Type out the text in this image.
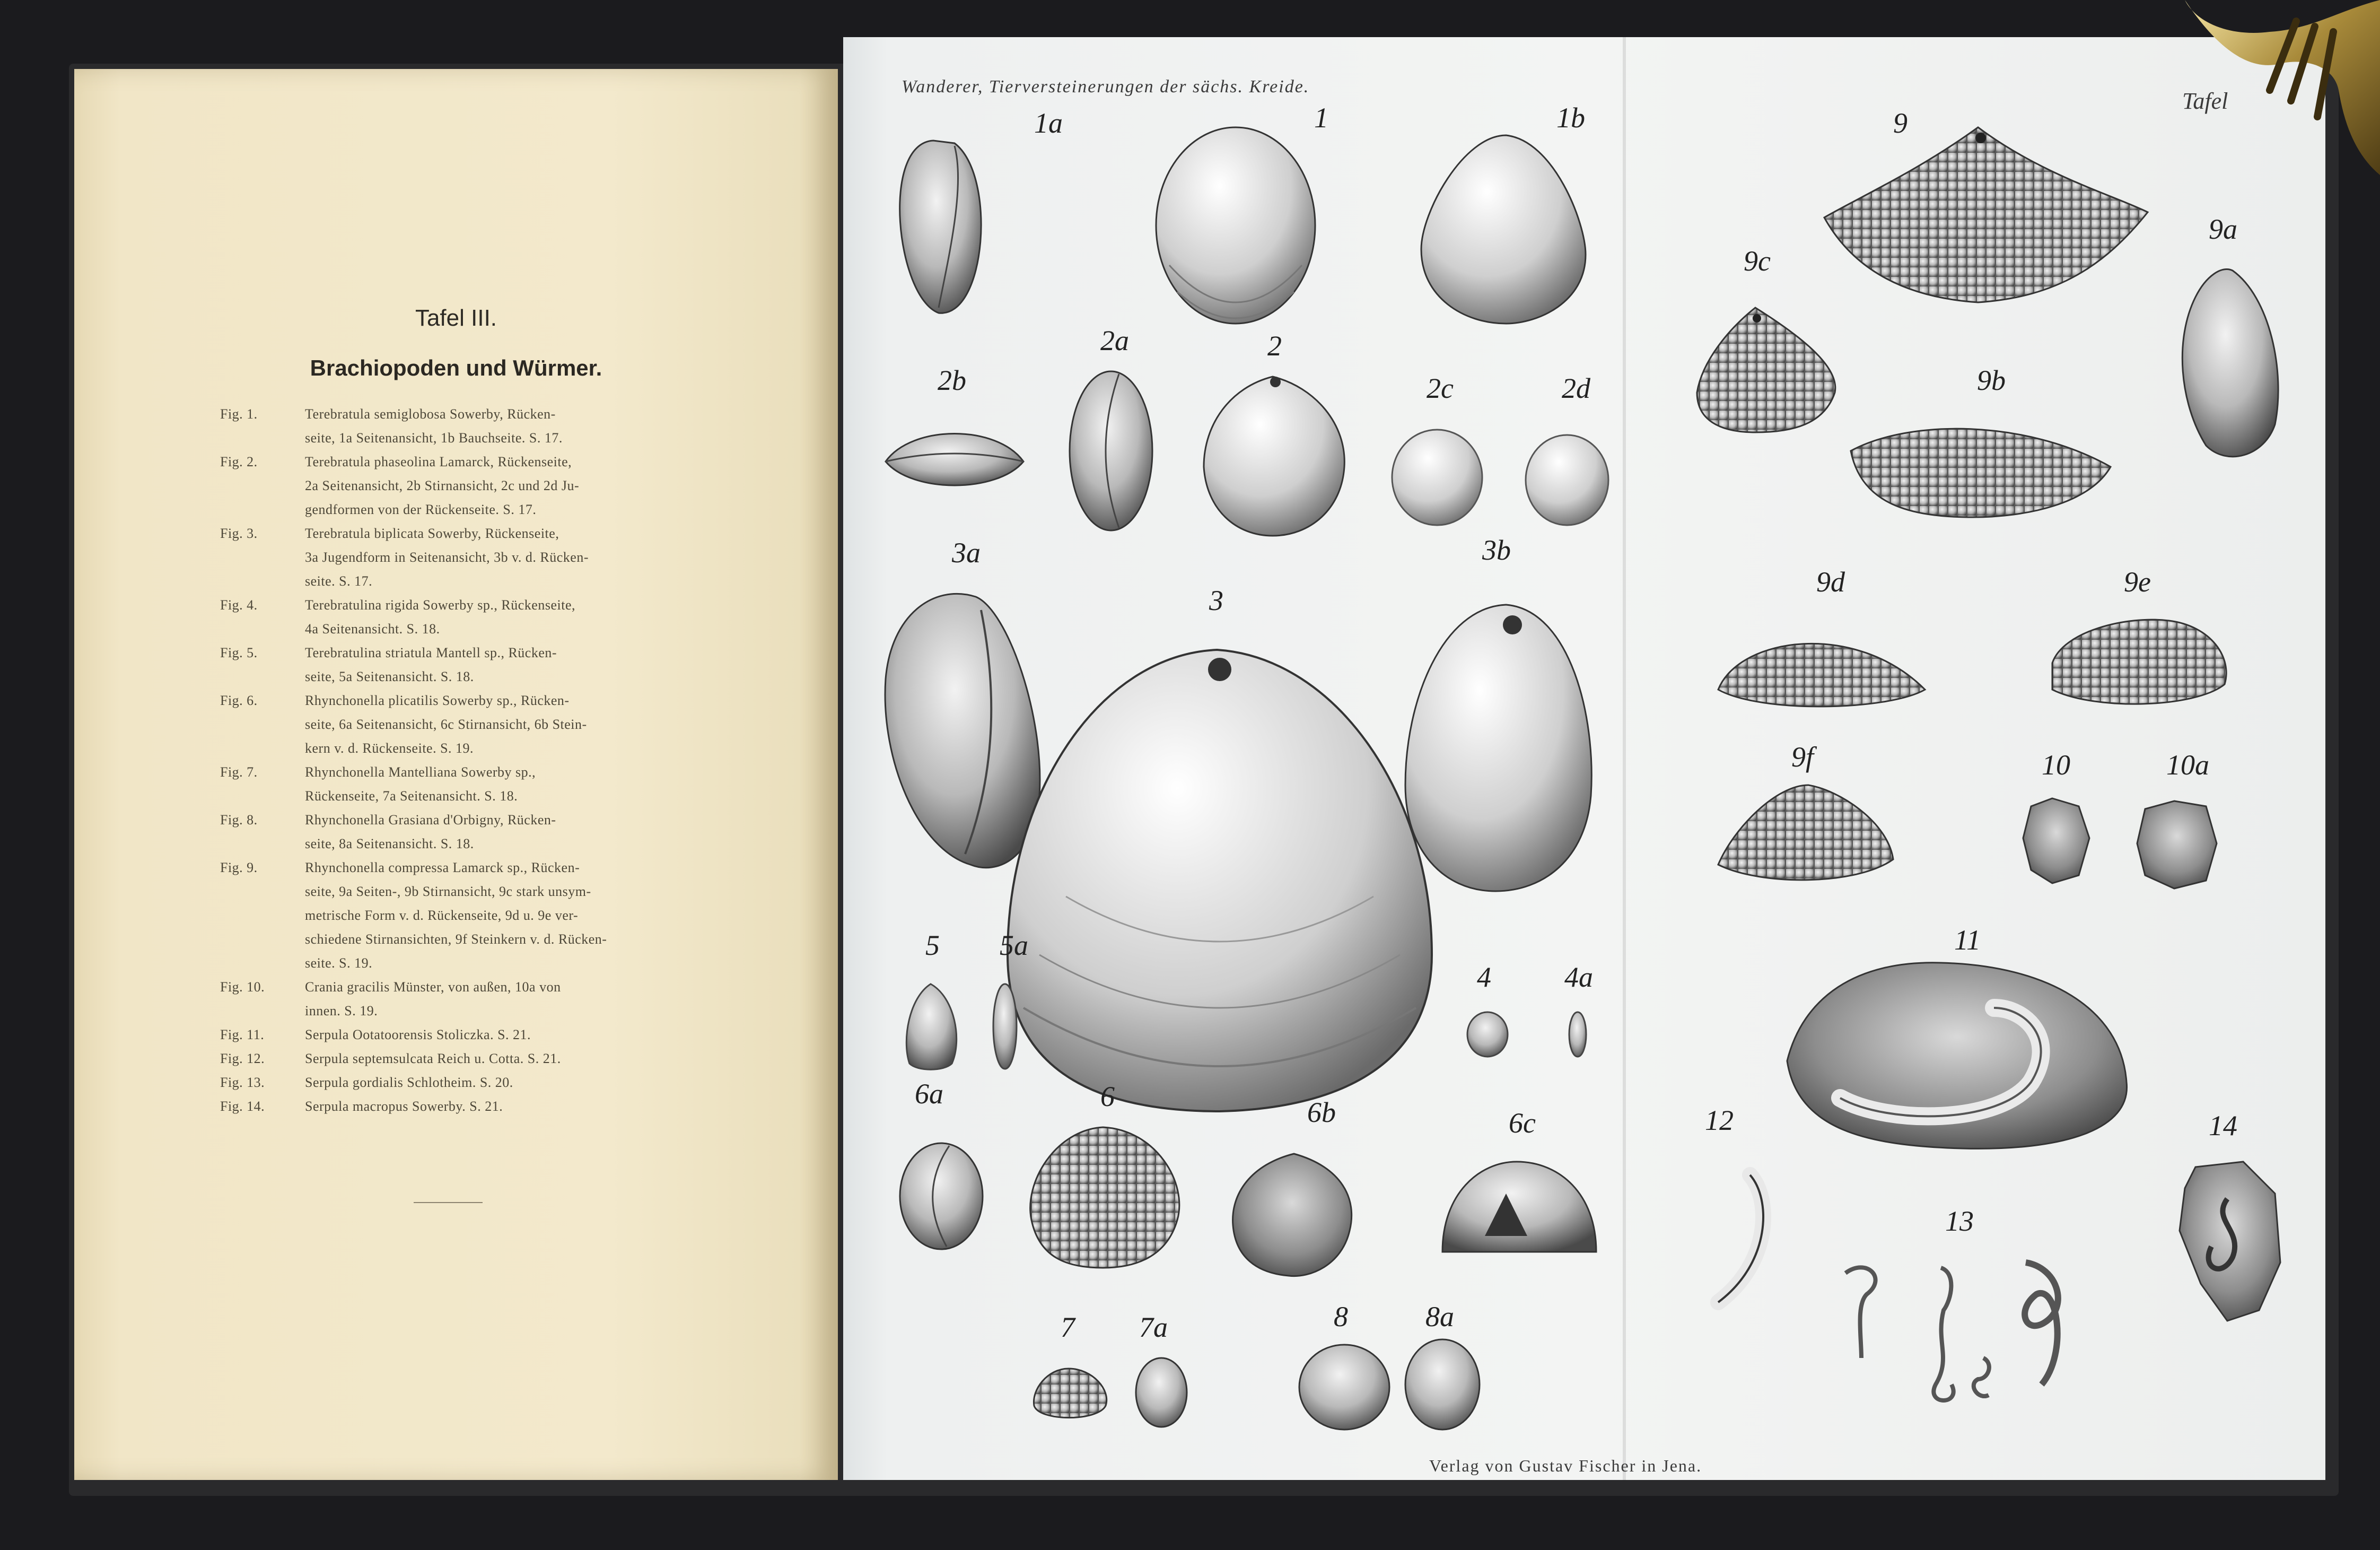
Tafel III.
Brachiopoden und Würmer.
Fig. 1.	Terebratula semiglobosa Sowerby, Rücken-
seite, 1a Seitenansicht, 1b Bauchseite. S. 17.
Fig. 2.	Terebratula phaseolina Lamarck, Rückenseite,
2a Seitenansicht, 2b Stirnansicht, 2c und 2d Ju-
gendformen von der Rückenseite. S. 17.
Fig. 3.	Terebratula biplicata Sowerby, Rückenseite,
3a Jugendform in Seitenansicht, 3b v. d. Rücken-
seite. S. 17.
Fig. 4.	Terebratulina rigida Sowerby sp., Rückenseite,
4a Seitenansicht. S. 18.
Fig. 5.	Terebratulina striatula Mantell sp., Rücken-
seite, 5a Seitenansicht. S. 18.
Fig. 6.	Rhynchonella plicatilis Sowerby sp., Rücken-
seite, 6a Seitenansicht, 6c Stirnansicht, 6b Stein-
kern v. d. Rückenseite. S. 19.
Fig. 7.	Rhynchonella Mantelliana Sowerby sp.,
Rückenseite, 7a Seitenansicht. S. 18.
Fig. 8.	Rhynchonella Grasiana d'Orbigny, Rücken-
seite, 8a Seitenansicht. S. 18.
Fig. 9.	Rhynchonella compressa Lamarck sp., Rücken-
seite, 9a Seiten-, 9b Stirnansicht, 9c stark unsym-
metrische Form v. d. Rückenseite, 9d u. 9e ver-
schiedene Stirnansichten, 9f Steinkern v. d. Rücken-
seite. S. 19.
Fig. 10.	Crania gracilis Münster, von außen, 10a von
innen. S. 19.
Fig. 11.	Serpula Ootatoorensis Stoliczka. S. 21.
Fig. 12.	Serpula septemsulcata Reich u. Cotta. S. 21.
Fig. 13.	Serpula gordialis Schlotheim. S. 20.
Fig. 14.	Serpula macropus Sowerby. S. 21.
Wanderer, Tierversteinerungen der sächs. Kreide.
Tafel
Verlag von Gustav Fischer in Jena.
1a	1	1b
2b
2a	2
2c	2d
3a
3
3b
4	4a
5 5a
6a	6	6b	6c
7 7a	8	8a
9
9a
9b
9c
9d	9e
9f	10	10a
11
12
13
14
